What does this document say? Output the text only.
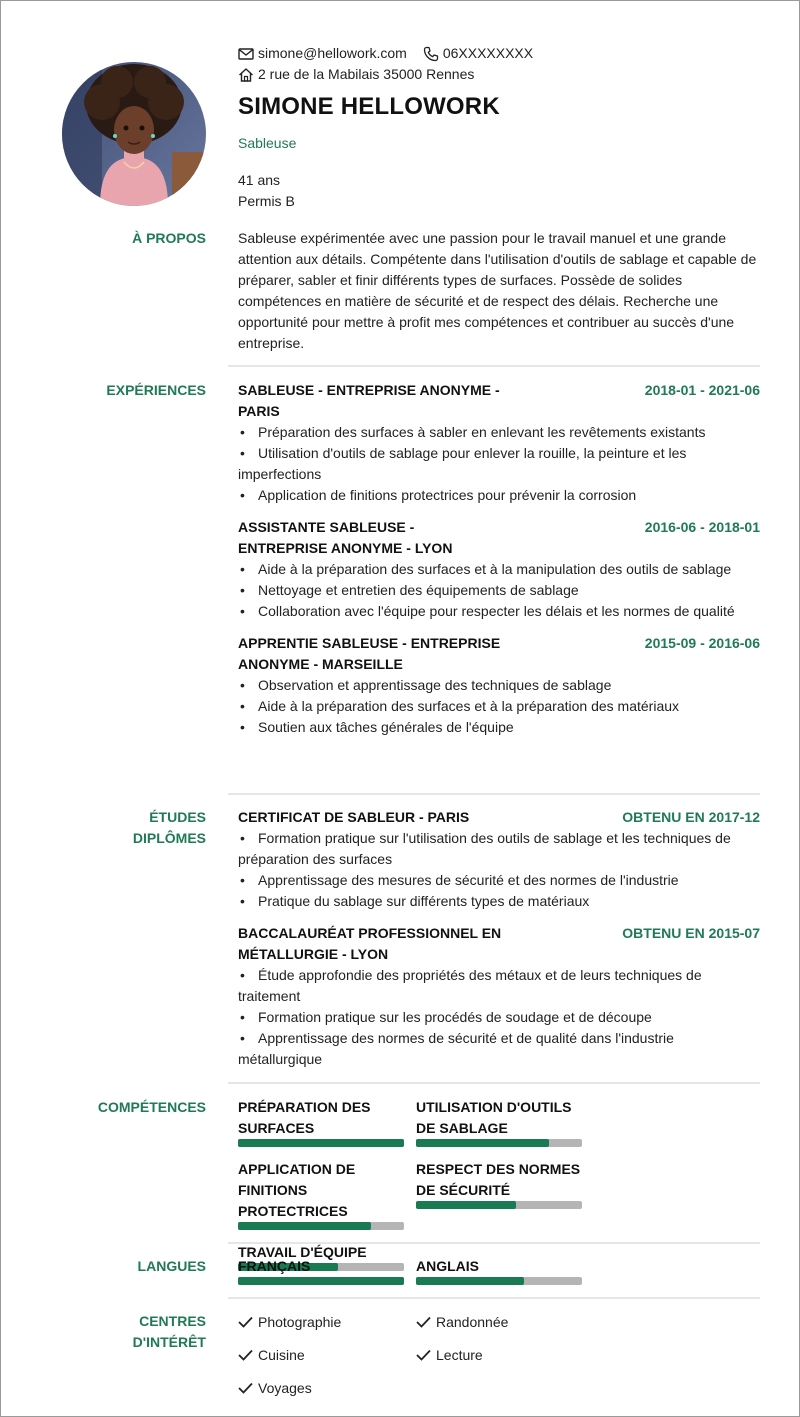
simone@hellowork.com	06XXXXXXXX
2 rue de la Mabilais 35000 Rennes
SIMONE HELLOWORK
Sableuse
41 ans
Permis B
À PROPOS Sableuse expérimentée avec une passion pour le travail manuel et une grande attention aux détails. Compétente dans l'utilisation d'outils de sablage et capable de préparer, sabler et finir différents types de surfaces. Possède de solides compétences en matière de sécurité et de respect des délais. Recherche une opportunité pour mettre à profit mes compétences et contribuer au succès d'une entreprise.
EXPÉRIENCES SABLEUSE - ENTREPRISE ANONYME -
PARIS
2018-01 - 2021-06
• Préparation des surfaces à sabler en enlevant les revêtements existants
• Utilisation d'outils de sablage pour enlever la rouille, la peinture et les imperfections
• Application de finitions protectrices pour prévenir la corrosion
ASSISTANTE SABLEUSE -
ENTREPRISE ANONYME - LYON
2016-06 - 2018-01
• Aide à la préparation des surfaces et à la manipulation des outils de sablage
• Nettoyage et entretien des équipements de sablage
• Collaboration avec l'équipe pour respecter les délais et les normes de qualité
APPRENTIE SABLEUSE - ENTREPRISE
ANONYME - MARSEILLE
2015-09 - 2016-06
• Observation et apprentissage des techniques de sablage
• Aide à la préparation des surfaces et à la préparation des matériaux
• Soutien aux tâches générales de l'équipe
ÉTUDES
DIPLÔMES
CERTIFICAT DE SABLEUR - PARIS	OBTENU EN 2017-12
• Formation pratique sur l'utilisation des outils de sablage et les techniques de préparation des surfaces
• Apprentissage des mesures de sécurité et des normes de l'industrie
• Pratique du sablage sur différents types de matériaux
BACCALAURÉAT PROFESSIONNEL EN
MÉTALLURGIE - LYON
OBTENU EN 2015-07
• Étude approfondie des propriétés des métaux et de leurs techniques de traitement
• Formation pratique sur les procédés de soudage et de découpe
• Apprentissage des normes de sécurité et de qualité dans l'industrie métallurgique
COMPÉTENCES PRÉPARATION DES SURFACES
UTILISATION D'OUTILS DE SABLAGE
APPLICATION DE FINITIONS PROTECTRICES
RESPECT DES NORMES DE SÉCURITÉ
TRAVAIL D'ÉQUIPE
LANGUES FRANÇAIS	ANGLAIS
CENTRES
D'INTÉRÊT
Photographie	Randonnée
Cuisine	Lecture
Voyages
